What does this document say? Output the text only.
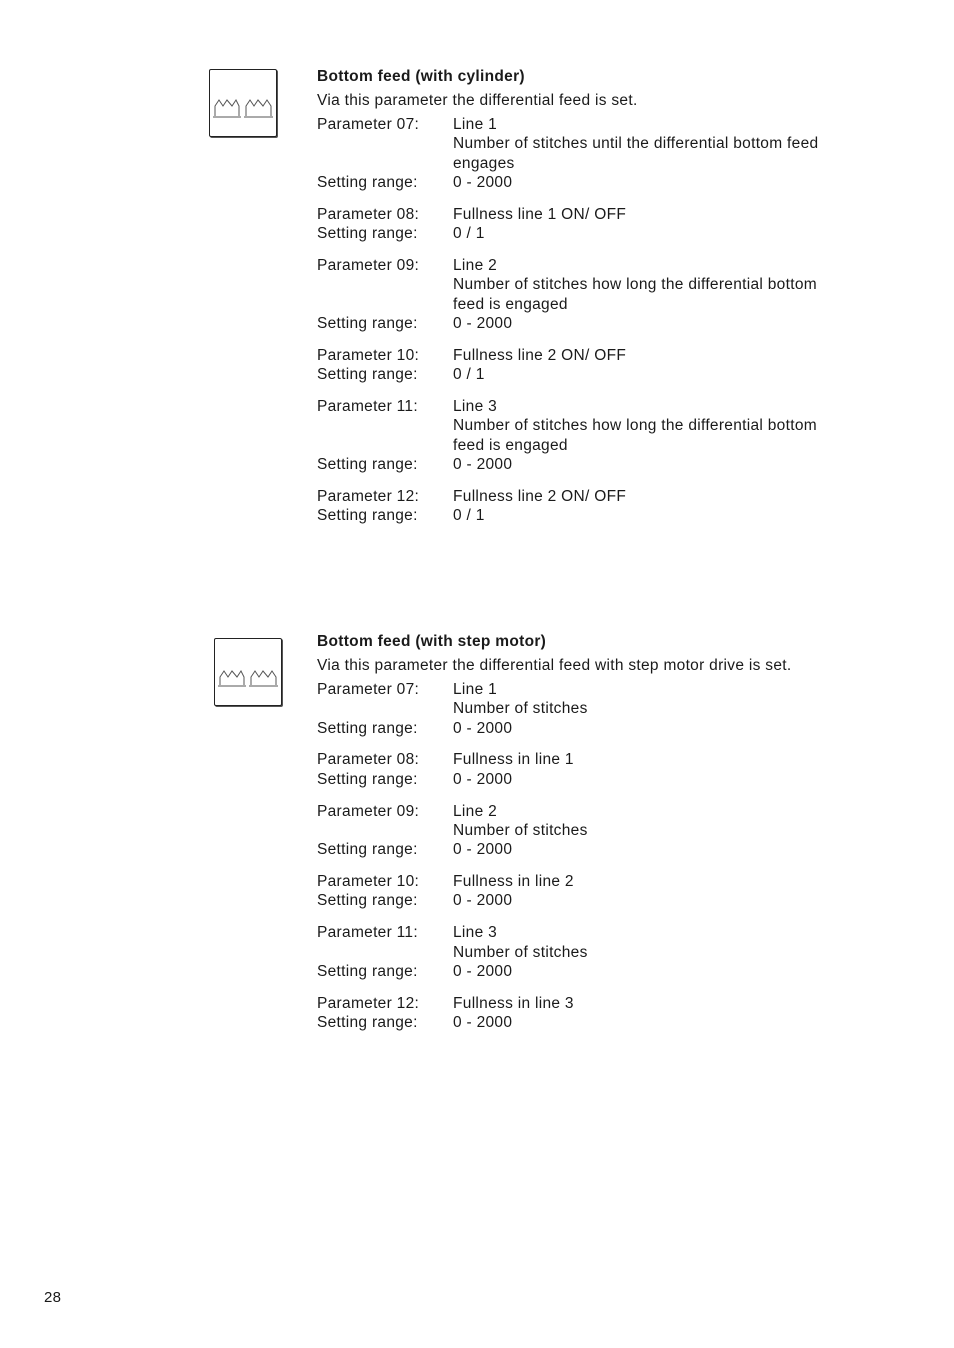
Bottom feed (with cylinder)
Via this parameter the differential feed is set.
Parameter 07:	Line 1
Number of stitches until the differential bottom feed
engages
Setting range:	0 - 2000
Parameter 08:	Fullness line 1 ON/ OFF
Setting range:	0 / 1
Parameter 09:	Line 2
Number of stitches how long the differential bottom
feed is engaged
Setting range:	0 - 2000
Parameter 10:	Fullness line 2 ON/ OFF
Setting range:	0 / 1
Parameter 11:	Line 3
Number of stitches how long the differential bottom
feed is engaged
Setting range:	0 - 2000
Parameter 12:	Fullness line 2 ON/ OFF
Setting range:	0 / 1
Bottom feed (with step motor)
Via this parameter the differential feed with step motor drive is set.
Parameter 07:	Line 1
Number of stitches
Setting range:	0 - 2000
Parameter 08:	Fullness in line 1
Setting range:	0 - 2000
Parameter 09:	Line 2
Number of stitches
Setting range:	0 - 2000
Parameter 10:	Fullness in line 2
Setting range:	0 - 2000
Parameter 11:	Line 3
Number of stitches
Setting range:	0 - 2000
Parameter 12:	Fullness in line 3
Setting range:	0 - 2000
28
